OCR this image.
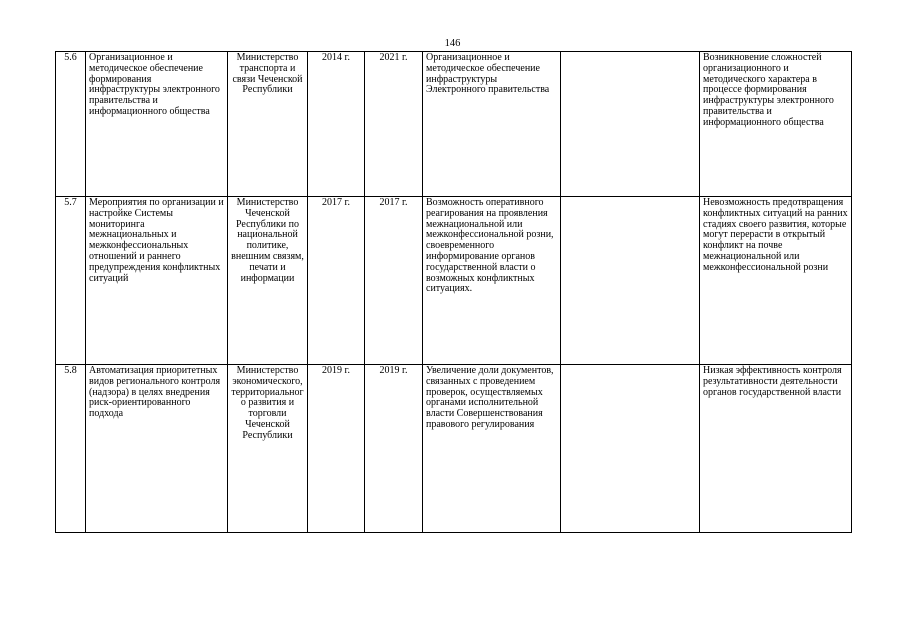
146
5.6	Организационное и методическое обеспечение формирования инфраструктуры электронного правительства и информационного общества	Министерство транспорта и связи Чеченской Республики	2014 г.	2021 г.	Организационное и методическое обеспечение инфраструктуры Электронного правительства		Возникновение сложностей организационного и методического характера в процессе формирования инфраструктуры электронного правительства и информационного общества
5.7	Мероприятия по организации и настройке Системы мониторинга межнациональных и межконфессиональных отношений и раннего предупреждения конфликтных ситуаций	Министерство Чеченской Республики по национальной политике, внешним связям, печати и информации	2017 г.	2017 г.	Возможность оперативного реагирования на проявления межнациональной или межконфессиональной розни, своевременного информирование органов государственной власти о возможных конфликтных ситуациях.		Невозможность предотвращения конфликтных ситуаций на ранних стадиях своего развития, которые могут перерасти в открытый конфликт на почве межнациональной или межконфессиональной розни
5.8	Автоматизация приоритетных видов регионального контроля (надзора) в целях внедрения риск-ориентированного подхода	Министерство экономического, территориального развития и торговли Чеченской Республики	2019 г.	2019 г.	Увеличение доли документов, связанных с проведением проверок, осуществляемых органами исполнительной власти Совершенствования правового регулирования		Низкая эффективность контроля результативности деятельности органов государственной власти
